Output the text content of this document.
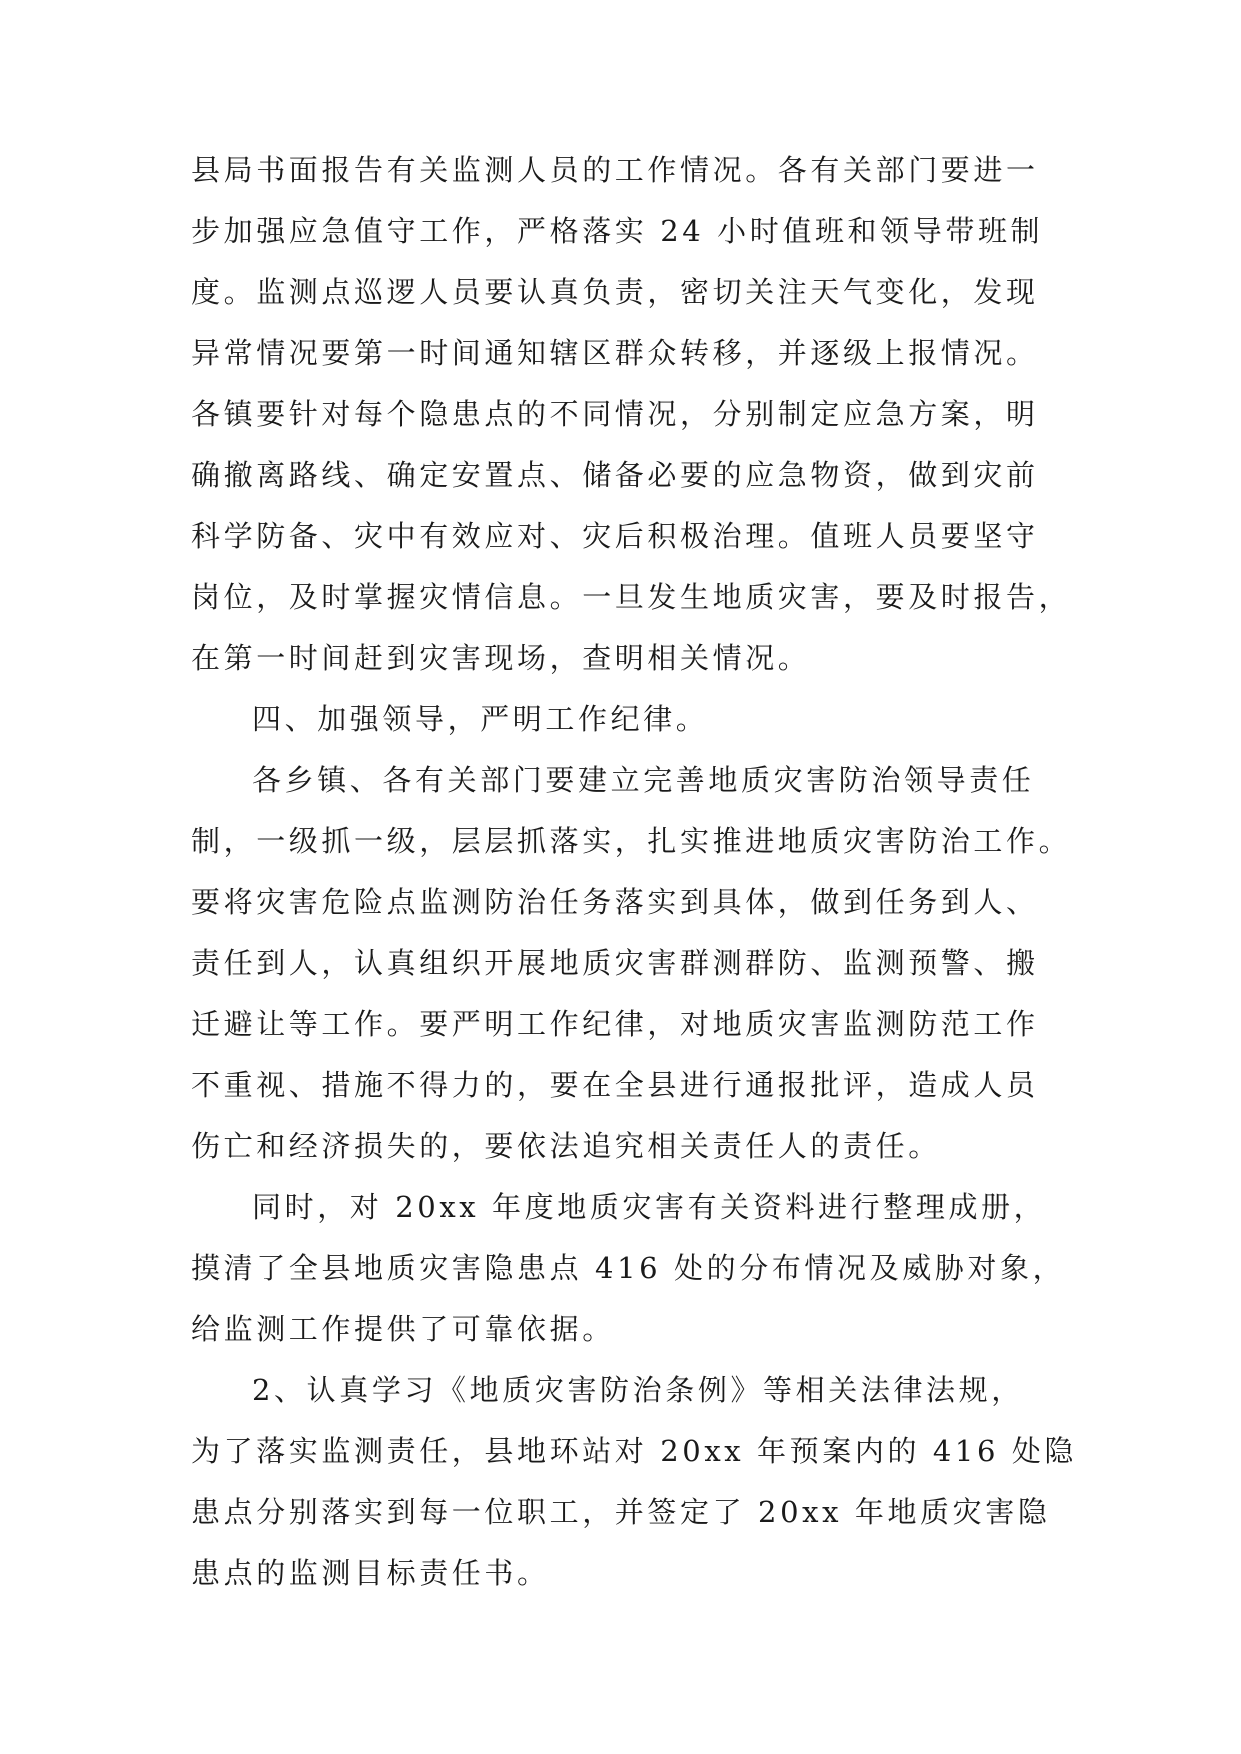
县局书面报告有关监测人员的工作情况。各有关部门要进一
步加强应急值守工作，严格落实 24 小时值班和领导带班制
度。监测点巡逻人员要认真负责，密切关注天气变化，发现
异常情况要第一时间通知辖区群众转移，并逐级上报情况。
各镇要针对每个隐患点的不同情况，分别制定应急方案，明
确撤离路线、确定安置点、储备必要的应急物资，做到灾前
科学防备、灾中有效应对、灾后积极治理。值班人员要坚守
岗位，及时掌握灾情信息。一旦发生地质灾害，要及时报告，
在第一时间赶到灾害现场，查明相关情况。
四、加强领导，严明工作纪律。
各乡镇、各有关部门要建立完善地质灾害防治领导责任
制，一级抓一级，层层抓落实，扎实推进地质灾害防治工作。
要将灾害危险点监测防治任务落实到具体，做到任务到人、
责任到人，认真组织开展地质灾害群测群防、监测预警、搬
迁避让等工作。要严明工作纪律，对地质灾害监测防范工作
不重视、措施不得力的，要在全县进行通报批评，造成人员
伤亡和经济损失的，要依法追究相关责任人的责任。
同时，对 20xx 年度地质灾害有关资料进行整理成册，
摸清了全县地质灾害隐患点 416 处的分布情况及威胁对象，
给监测工作提供了可靠依据。
2、认真学习《地质灾害防治条例》等相关法律法规，
为了落实监测责任，县地环站对 20xx 年预案内的 416 处隐
患点分别落实到每一位职工，并签定了 20xx 年地质灾害隐
患点的监测目标责任书。
